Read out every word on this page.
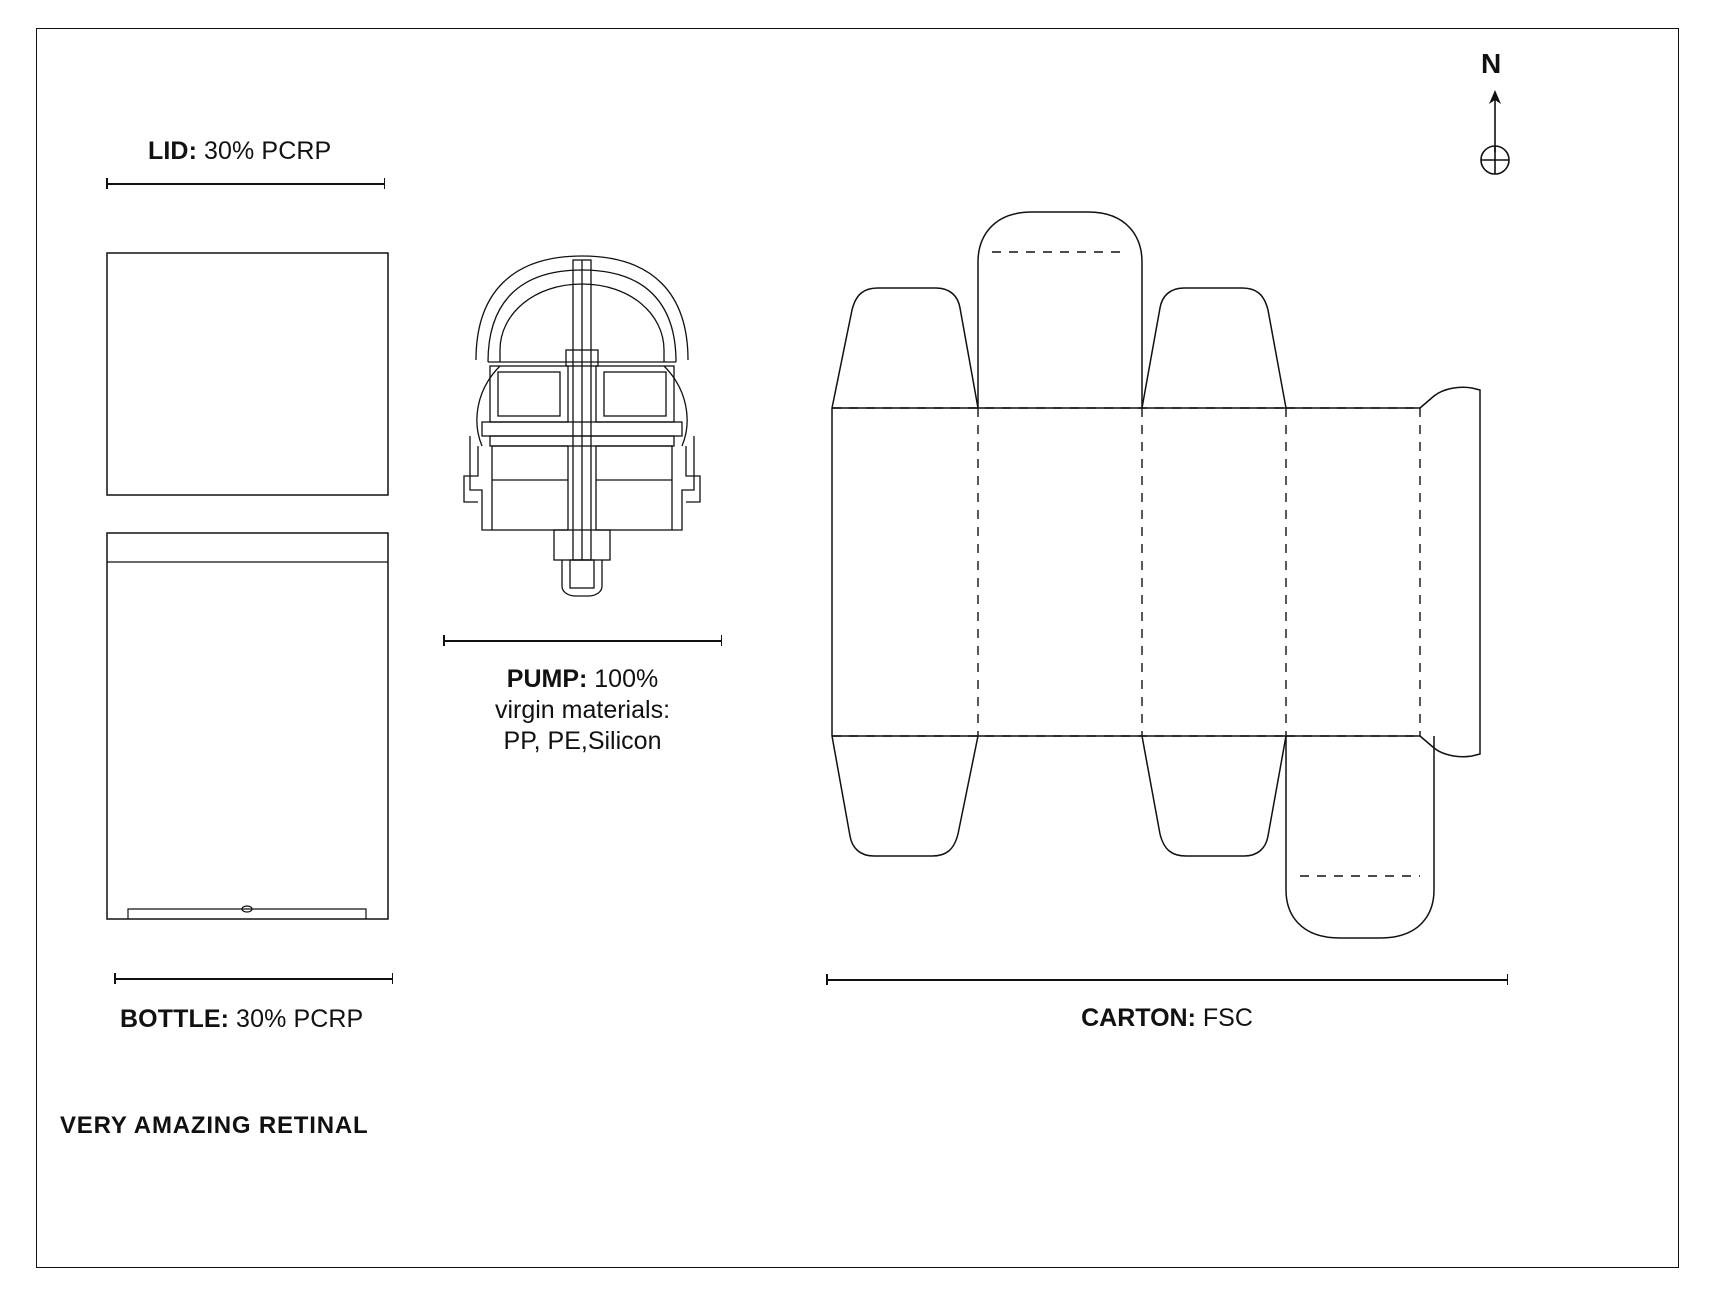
N
LID: 30% PCRP
BOTTLE: 30% PCRP
PUMP: 100%
virgin materials:
PP, PE,Silicon
CARTON: FSC
VERY AMAZING RETINAL
